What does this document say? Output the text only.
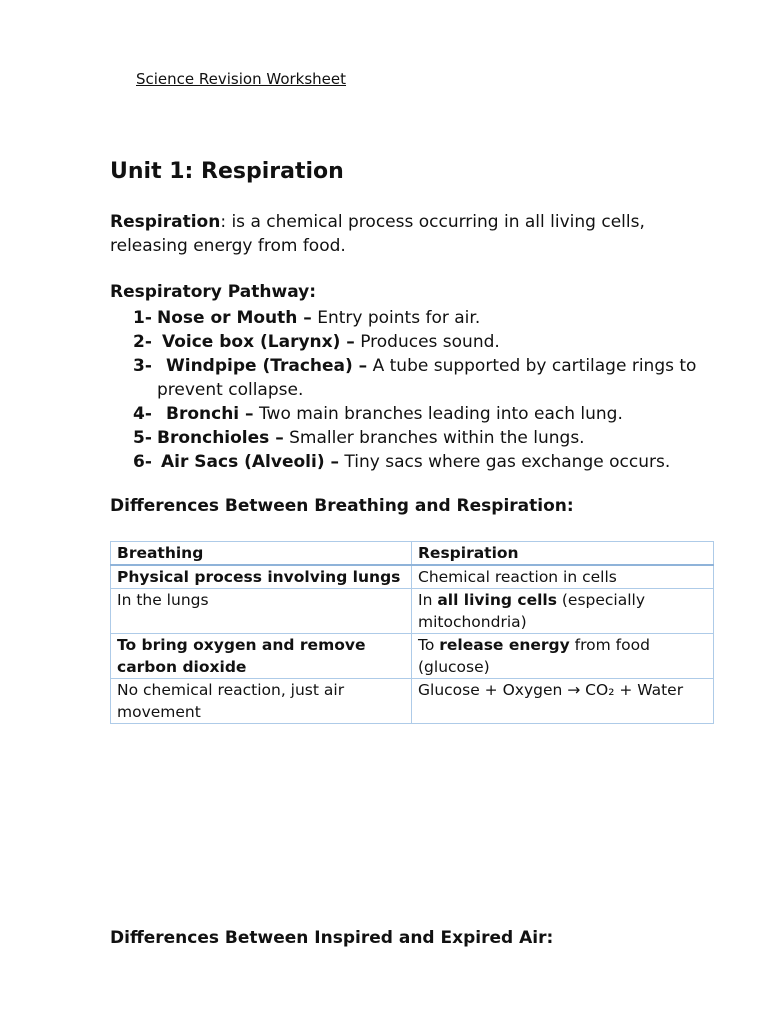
Science Revision Worksheet
Unit 1: Respiration
Respiration: is a chemical process occurring in all living cells, releasing energy from food.
Respiratory Pathway:
1- Nose or Mouth – Entry points for air.
2- Voice box (Larynx) – Produces sound.
3- Windpipe (Trachea) – A tube supported by cartilage rings to prevent collapse.
4- Bronchi – Two main branches leading into each lung.
5- Bronchioles – Smaller branches within the lungs.
6- Air Sacs (Alveoli) – Tiny sacs where gas exchange occurs.
Differences Between Breathing and Respiration:
Breathing	Respiration
Physical process involving lungs	Chemical reaction in cells
In the lungs	In all living cells (especially mitochondria)
To bring oxygen and remove carbon dioxide	To release energy from food (glucose)
No chemical reaction, just air movement	Glucose + Oxygen → CO₂ + Water
Differences Between Inspired and Expired Air:
